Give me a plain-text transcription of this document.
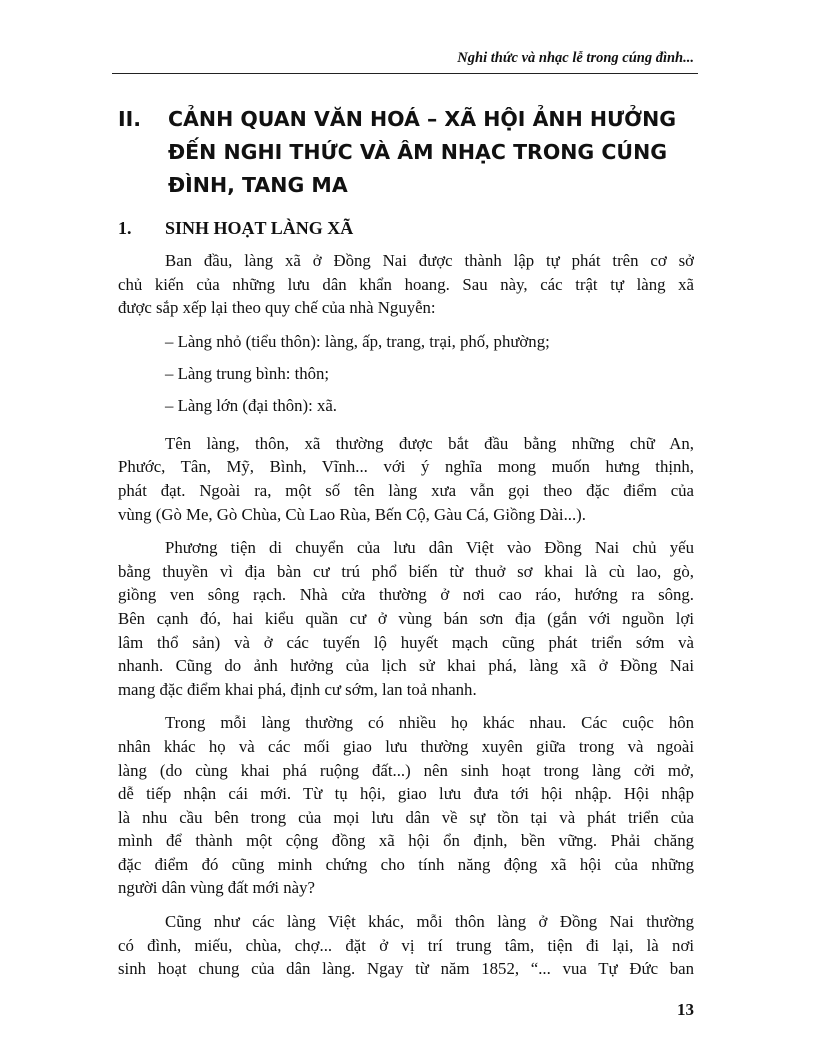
Nghi thức và nhạc lễ trong cúng đình...
II. CẢNH QUAN VĂN HOÁ – XÃ HỘI ẢNH HƯỞNG ĐẾN NGHI THỨC VÀ ÂM NHẠC TRONG CÚNG ĐÌNH, TANG MA
1. SINH HOẠT LÀNG XÃ
Ban đầu, làng xã ở Đồng Nai được thành lập tự phát trên cơ sở
chủ kiến của những lưu dân khẩn hoang. Sau này, các trật tự làng xã
được sắp xếp lại theo quy chế của nhà Nguyễn:
– Làng nhỏ (tiểu thôn): làng, ấp, trang, trại, phố, phường;
– Làng trung bình: thôn;
– Làng lớn (đại thôn): xã.
Tên làng, thôn, xã thường được bắt đầu bằng những chữ An,
Phước, Tân, Mỹ, Bình, Vĩnh... với ý nghĩa mong muốn hưng thịnh,
phát đạt. Ngoài ra, một số tên làng xưa vẫn gọi theo đặc điểm của
vùng (Gò Me, Gò Chùa, Cù Lao Rùa, Bến Cộ, Gàu Cá, Giồng Dài...).
Phương tiện di chuyển của lưu dân Việt vào Đồng Nai chủ yếu
bằng thuyền vì địa bàn cư trú phổ biến từ thuở sơ khai là cù lao, gò,
giồng ven sông rạch. Nhà cửa thường ở nơi cao ráo, hướng ra sông.
Bên cạnh đó, hai kiểu quần cư ở vùng bán sơn địa (gắn với nguồn lợi
lâm thổ sản) và ở các tuyến lộ huyết mạch cũng phát triển sớm và
nhanh. Cũng do ảnh hưởng của lịch sử khai phá, làng xã ở Đồng Nai
mang đặc điểm khai phá, định cư sớm, lan toả nhanh.
Trong mỗi làng thường có nhiều họ khác nhau. Các cuộc hôn
nhân khác họ và các mối giao lưu thường xuyên giữa trong và ngoài
làng (do cùng khai phá ruộng đất...) nên sinh hoạt trong làng cởi mở,
dễ tiếp nhận cái mới. Từ tụ hội, giao lưu đưa tới hội nhập. Hội nhập
là nhu cầu bên trong của mọi lưu dân về sự tồn tại và phát triển của
mình để thành một cộng đồng xã hội ổn định, bền vững. Phải chăng
đặc điểm đó cũng minh chứng cho tính năng động xã hội của những
người dân vùng đất mới này?
Cũng như các làng Việt khác, mỗi thôn làng ở Đồng Nai thường
có đình, miếu, chùa, chợ... đặt ở vị trí trung tâm, tiện đi lại, là nơi
sinh hoạt chung của dân làng. Ngay từ năm 1852, “... vua Tự Đức ban
13
